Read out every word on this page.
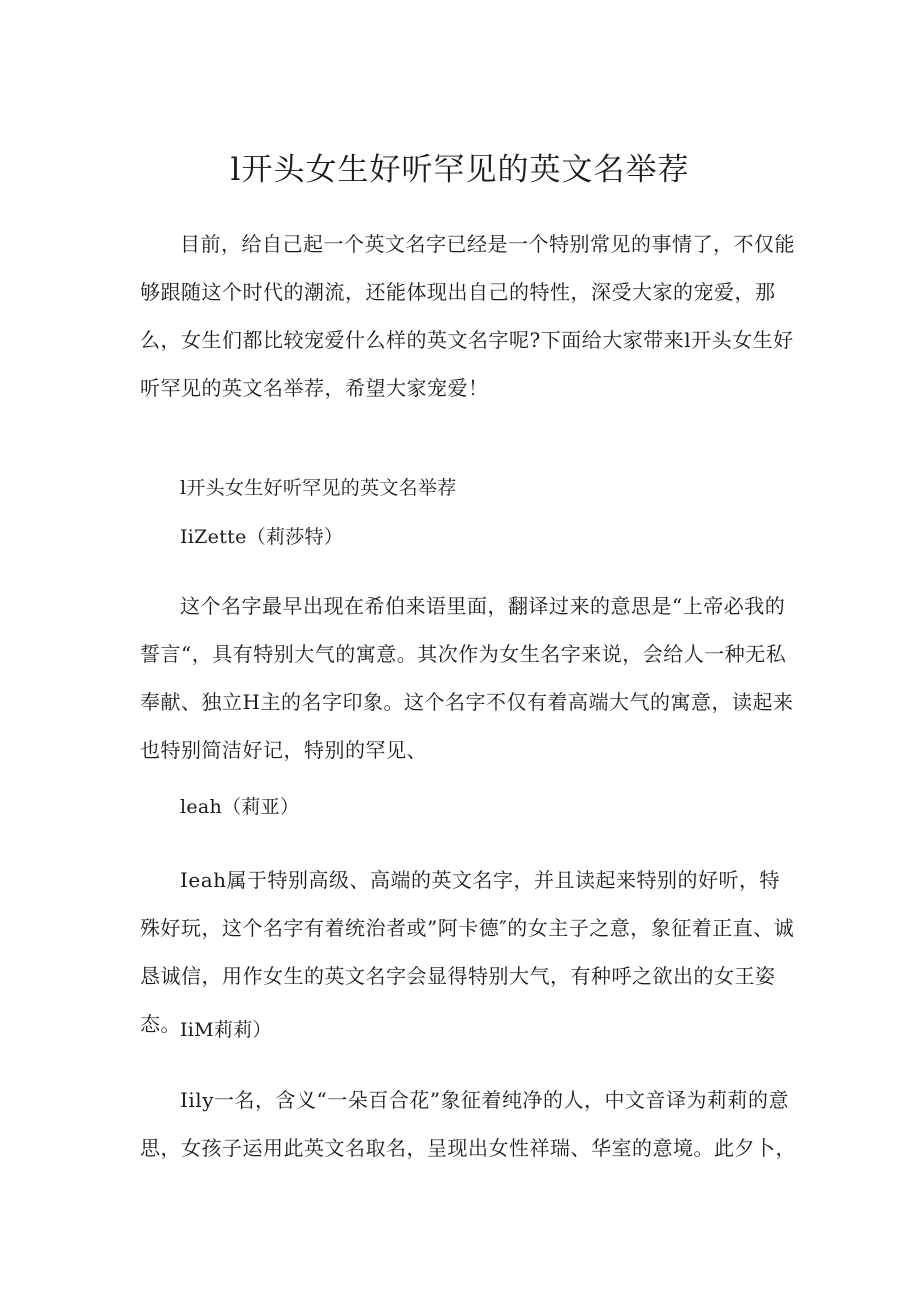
l开头女生好听罕见的英文名举荐

目前，给自己起一个英文名字已经是一个特别常见的事情了，不仅能够跟随这个时代的潮流，还能体现出自己的特性，深受大家的宠爱，那么，女生们都比较宠爱什么样的英文名字呢?下面给大家带来l开头女生好听罕见的英文名举荐，希望大家宠爱！

l开头女生好听罕见的英文名举荐

IiZette（莉莎特）

这个名字最早出现在希伯来语里面，翻译过来的意思是“上帝必我的誓言“，具有特别大气的寓意。其次作为女生名字来说，会给人一种无私奉献、独立H主的名字印象。这个名字不仅有着高端大气的寓意，读起来也特别简洁好记，特别的罕见、

leah（莉亚）

Ieah属于特别高级、高端的英文名字，并且读起来特别的好听，特殊好玩，这个名字有着统治者或”阿卡德″的女主子之意，象征着正直、诚恳诚信，用作女生的英文名字会显得特别大气，有种呼之欲出的女王姿态。 IiM莉莉）

Iily一名，含义“一朵百合花”象征着纯净的人，中文音译为莉莉的意思，女孩子运用此英文名取名，呈现出女性祥瑞、华室的意境。此夕卜，
